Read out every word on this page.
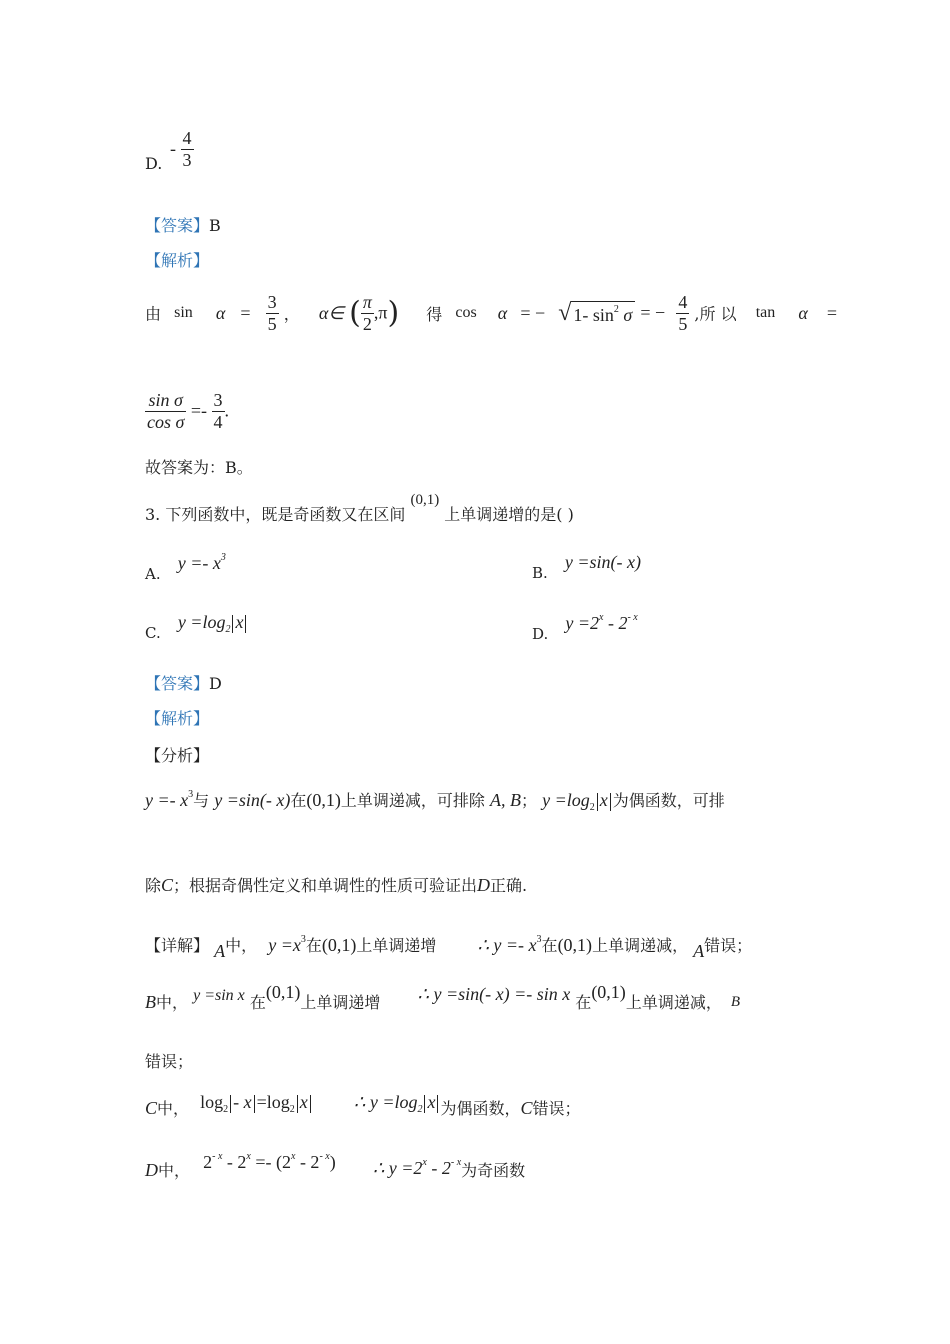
D.
- $\frac{4}{3}$
【答案】B
【解析】
由 $\sin \alpha = \frac{3}{5}$ ， α∈ ( $\frac{\pi}{2} ,\pi$) 得 cos α = − √ 1- $\sin^2 \sigma$ = − $\frac{4}{5}$ ,所 以 tan α =
$\frac{\text{sin σ}}{\text{cos σ}} =- \frac{3}{4}$ .
故答案为：B。
3. 下列函数中，既是奇函数又在区间 (0,1) 上单调递增的是( )
A. $y =- x^3$
B. y =sin(- x)
C. $y =\log_2$ x
D. $y =2^x - 2^{- x}$
【答案】D
【解析】
【分析】
$y =- x^3$与 y =sin(- x)在(0,1)上单调递减，可排除 A, B； $y =\log_2$ x 为偶函数，可排
除C；根据奇偶性定义和单调性的性质可验证出D正确.
【详解】 A中， $y =x^3$在(0,1)上单调递增 ∴ $y =- x^3$在(0,1)上单调递减， A错误；
B中， y =sin x 在(0,1)上单调递增 ∴ y =sin(- x) =- sin x 在(0,1)上单调递减， B
错误；
C中， $\log_2 - x =\log_2$ x	∴ $y =\log_2$ x 为偶函数，C错误；
D中， $2^{- x} - 2^x =- (2^x - 2^{- x})$ ∴ $y =2^x - 2^{- x}$为奇函数
